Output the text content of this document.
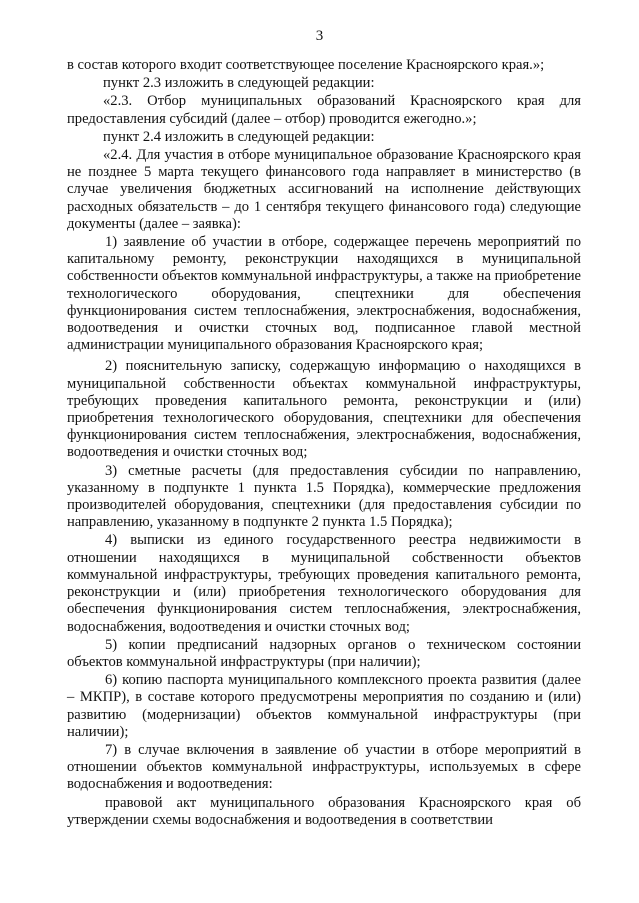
3

в состав которого входит соответствующее поселение Красноярского края.»;

пункт 2.3 изложить в следующей редакции:

«2.3. Отбор муниципальных образований Красноярского края для предоставления субсидий (далее – отбор) проводится ежегодно.»;

пункт 2.4 изложить в следующей редакции:

«2.4. Для участия в отборе муниципальное образование Красноярского края не позднее 5 марта текущего финансового года направляет в министерство (в случае увеличения бюджетных ассигнований на исполнение действующих расходных обязательств – до 1 сентября текущего финансового года) следующие документы (далее – заявка):

1) заявление об участии в отборе, содержащее перечень мероприятий по капитальному ремонту, реконструкции находящихся в муниципальной собственности объектов коммунальной инфраструктуры, а также на приобретение технологического оборудования, спецтехники для обеспечения функционирования систем теплоснабжения, электроснабжения, водоснабжения, водоотведения и очистки сточных вод, подписанное главой местной администрации муниципального образования Красноярского края;

2) пояснительную записку, содержащую информацию о находящихся в муниципальной собственности объектах коммунальной инфраструктуры, требующих проведения капитального ремонта, реконструкции и (или) приобретения технологического оборудования, спецтехники для обеспечения функционирования систем теплоснабжения, электроснабжения, водоснабжения, водоотведения и очистки сточных вод;

3) сметные расчеты (для предоставления субсидии по направлению, указанному в подпункте 1 пункта 1.5 Порядка), коммерческие предложения производителей оборудования, спецтехники (для предоставления субсидии по направлению, указанному в подпункте 2 пункта 1.5 Порядка);

4) выписки из единого государственного реестра недвижимости в отношении находящихся в муниципальной собственности объектов коммунальной инфраструктуры, требующих проведения капитального ремонта, реконструкции и (или) приобретения технологического оборудования для обеспечения функционирования систем теплоснабжения, электроснабжения, водоснабжения, водоотведения и очистки сточных вод;

5) копии предписаний надзорных органов о техническом состоянии объектов коммунальной инфраструктуры (при наличии);

6) копию паспорта муниципального комплексного проекта развития (далее – МКПР), в составе которого предусмотрены мероприятия по созданию и (или) развитию (модернизации) объектов коммунальной инфраструктуры (при наличии);

7) в случае включения в заявление об участии в отборе мероприятий в отношении объектов коммунальной инфраструктуры, используемых в сфере водоснабжения и водоотведения:

правовой акт муниципального образования Красноярского края об утверждении схемы водоснабжения и водоотведения в соответствии
